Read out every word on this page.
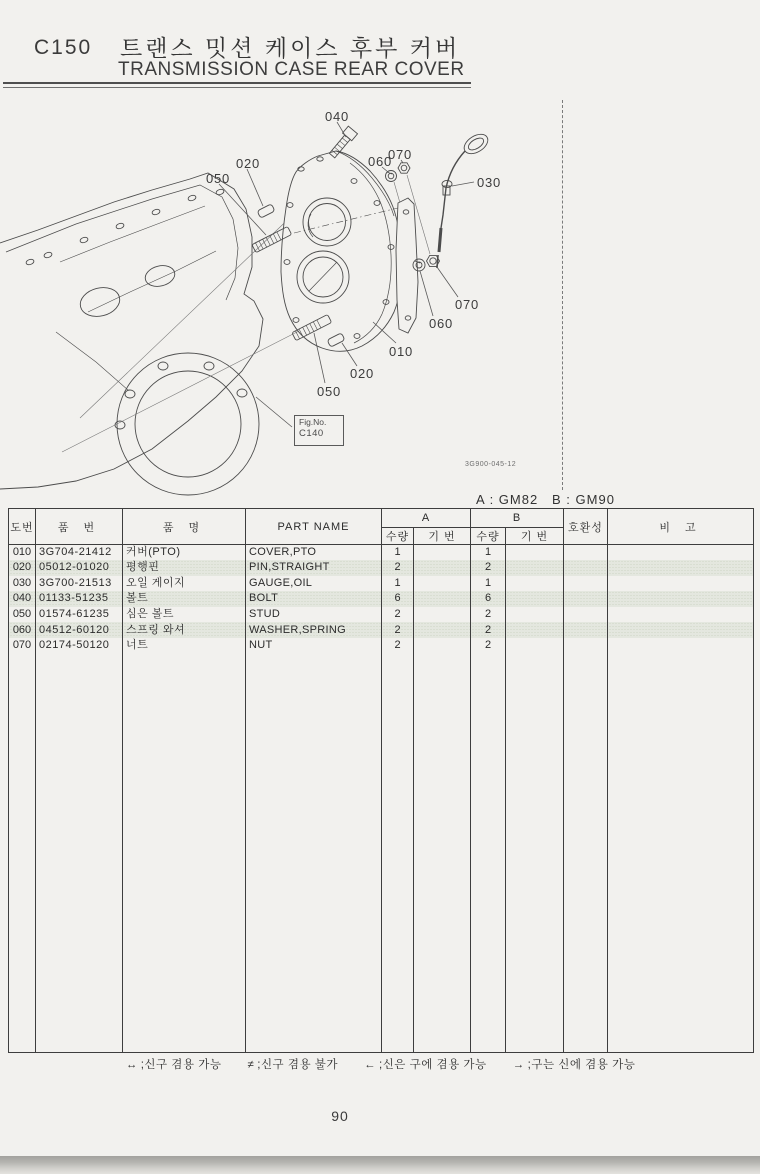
C150 트랜스 밋션 케이스 후부 커버
TRANSMISSION CASE REAR COVER
040
020
050
060
070
030
070
060
010
020
050
Fig.No.
C140
3G900-045-12
A : GM82   B : GM90
도번	품 번	품 명	PART NAME	A		B		호환성	비 고
				수량	기 번	수량	기 번		
010	3G704-21412	커버(PTO)	COVER,PTO	1		1			
020	05012-01020	평행핀	PIN,STRAIGHT	2		2			
030	3G700-21513	오일 게이지	GAUGE,OIL	1		1			
040	01133-51235	볼트	BOLT	6		6			
050	01574-61235	심은 볼트	STUD	2		2			
060	04512-60120	스프링 와셔	WASHER,SPRING	2		2			
070	02174-50120	너트	NUT	2		2			

↔ ;신구 겸용 가능 ≠ ;신구 겸용 불가 ← ;신은 구에 겸용 가능 → ;구는 신에 겸용 가능
90
